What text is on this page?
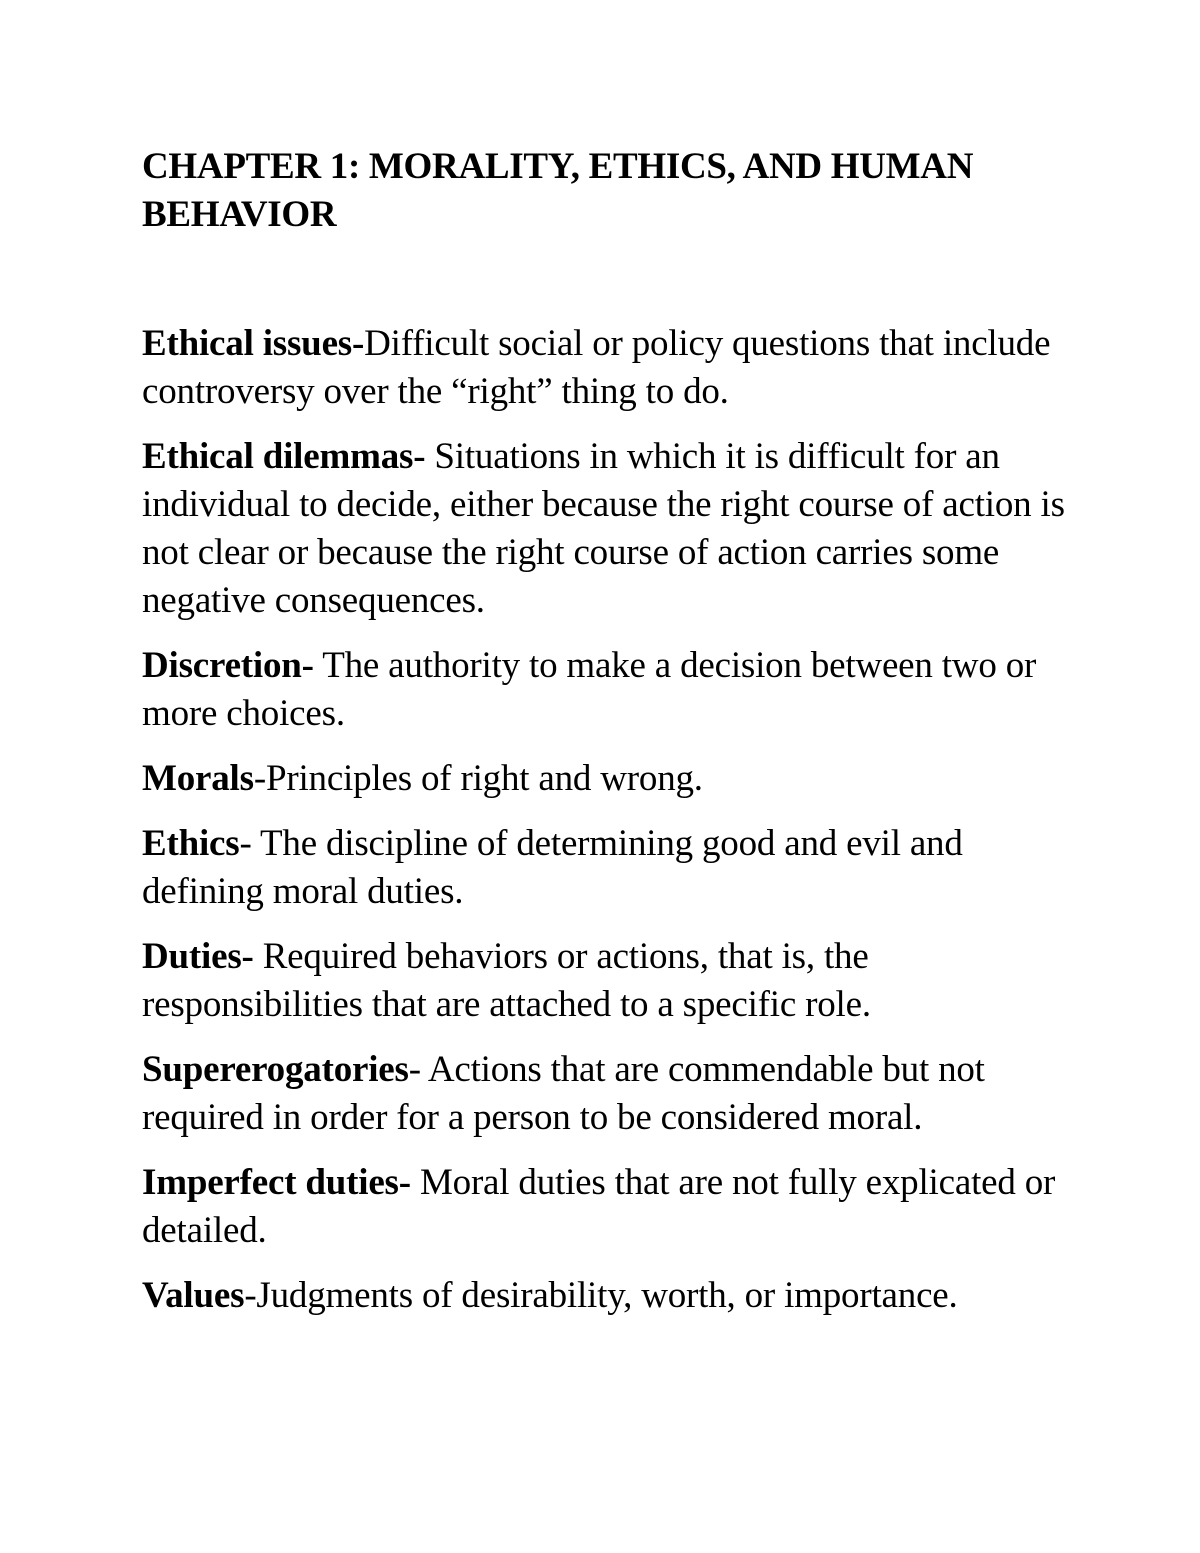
CHAPTER 1: MORALITY, ETHICS, AND HUMAN BEHAVIOR

Ethical issues-Difficult social or policy questions that include controversy over the “right” thing to do.

Ethical dilemmas- Situations in which it is difficult for an individual to decide, either because the right course of action is not clear or because the right course of action carries some negative consequences.

Discretion- The authority to make a decision between two or more choices.

Morals-Principles of right and wrong.

Ethics- The discipline of determining good and evil and defining moral duties.

Duties- Required behaviors or actions, that is, the responsibilities that are attached to a specific role.

Supererogatories- Actions that are commendable but not required in order for a person to be considered moral.

Imperfect duties- Moral duties that are not fully explicated or detailed.

Values-Judgments of desirability, worth, or importance.
